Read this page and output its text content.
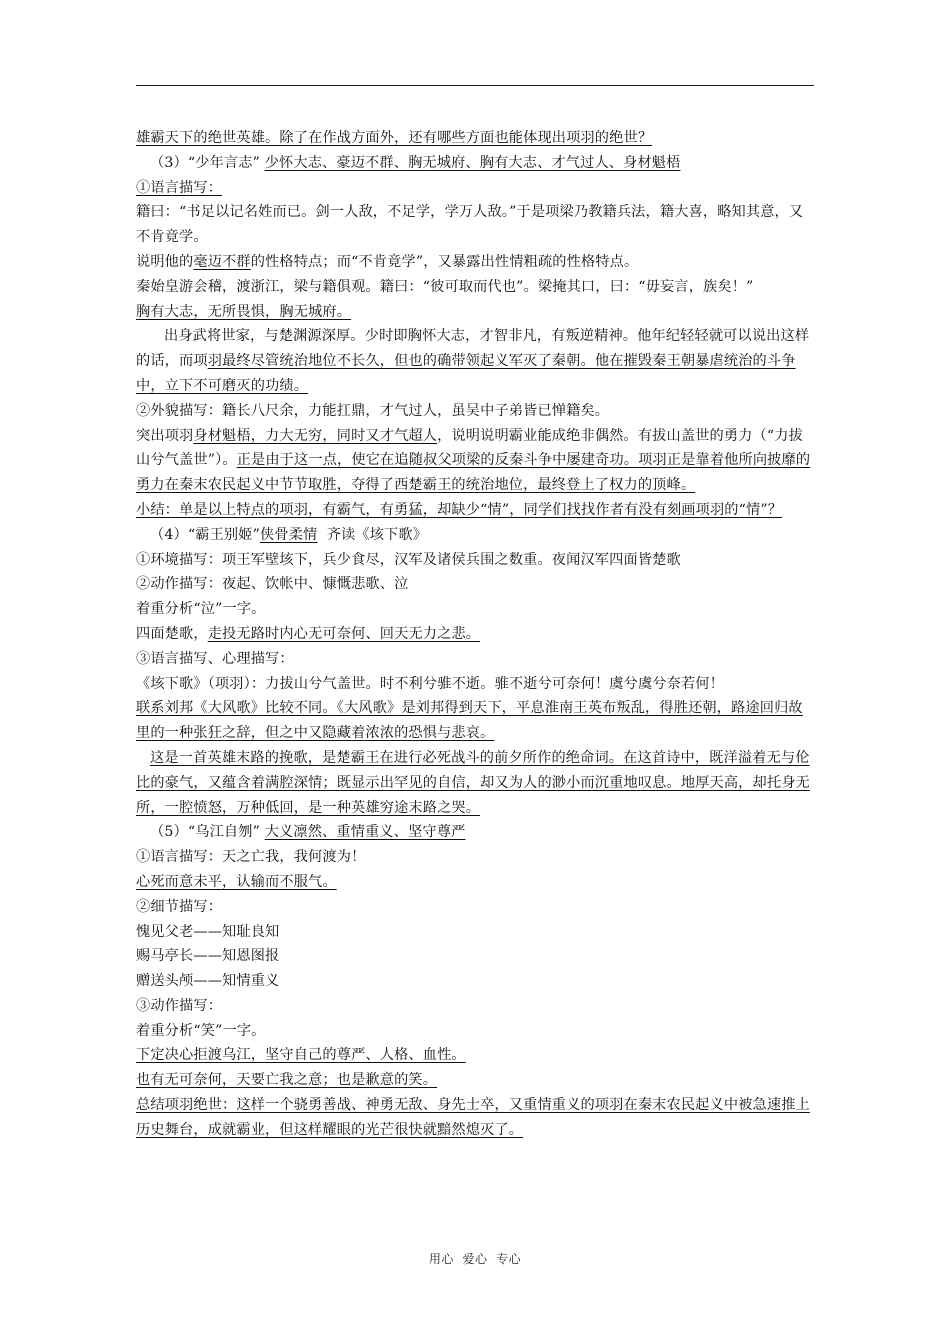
雄霸天下的绝世英雄。除了在作战方面外，还有哪些方面也能体现出项羽的绝世？

（3）“少年言志” 少怀大志、豪迈不群、胸无城府、胸有大志、才气过人、身材魁梧

①语言描写：

籍曰：“书足以记名姓而已。剑一人敌，不足学，学万人敌。”于是项梁乃教籍兵法，籍大喜，略知其意，又不肯竟学。

说明他的毫迈不群的性格特点；而“不肯竟学”，又暴露出性情粗疏的性格特点。

秦始皇游会稽，渡浙江，梁与籍俱观。籍曰：“彼可取而代也”。梁掩其口，曰：“毋妄言，族矣！”

胸有大志，无所畏惧，胸无城府。

出身武将世家，与楚渊源深厚。少时即胸怀大志，才智非凡，有叛逆精神。他年纪轻轻就可以说出这样的话，而项羽最终尽管统治地位不长久，但也的确带领起义军灭了秦朝。他在摧毁秦王朝暴虐统治的斗争中，立下不可磨灭的功绩。

②外貌描写：籍长八尺余，力能扛鼎，才气过人，虽吴中子弟皆已惮籍矣。

突出项羽身材魁梧，力大无穷，同时又才气超人，说明说明霸业能成绝非偶然。有拔山盖世的勇力（“力拔山兮气盖世”）。正是由于这一点，使它在追随叔父项梁的反秦斗争中屡建奇功。项羽正是靠着他所向披靡的勇力在秦末农民起义中节节取胜，夺得了西楚霸王的统治地位，最终登上了权力的顶峰。

小结：单是以上特点的项羽，有霸气，有勇猛，却缺少“情”，同学们找找作者有没有刻画项羽的“情”？

（4）“霸王别姬”侠骨柔情  齐读《垓下歌》

①环境描写：项王军壁垓下，兵少食尽，汉军及诸侯兵围之数重。夜闻汉军四面皆楚歌

②动作描写：夜起、饮帐中、慷慨悲歌、泣

着重分析“泣”一字。

四面楚歌，走投无路时内心无可奈何、回天无力之悲。

③语言描写、心理描写：

《垓下歌》（项羽）：力拔山兮气盖世。时不利兮骓不逝。骓不逝兮可奈何！虞兮虞兮奈若何！

联系刘邦《大风歌》比较不同。《大风歌》是刘邦得到天下，平息淮南王英布叛乱，得胜还朝，路途回归故里的一种张狂之辞，但之中又隐藏着浓浓的恐惧与悲哀。

这是一首英雄末路的挽歌，是楚霸王在进行必死战斗的前夕所作的绝命词。在这首诗中，既洋溢着无与伦比的豪气，又蕴含着满腔深情；既显示出罕见的自信，却又为人的渺小而沉重地叹息。地厚天高，却托身无所，一腔愤怒，万种低回，是一种英雄穷途末路之哭。

（5）“乌江自刎” 大义凛然、重情重义、坚守尊严

①语言描写：天之亡我，我何渡为！

心死而意未平，认输而不服气。

②细节描写：

愧见父老——知耻良知

赐马亭长——知恩图报

赠送头颅——知情重义

③动作描写：

着重分析“笑”一字。

下定决心拒渡乌江，坚守自己的尊严、人格、血性。

也有无可奈何，天要亡我之意；也是歉意的笑。

总结项羽绝世：这样一个骁勇善战、神勇无敌、身先士卒，又重情重义的项羽在秦末农民起义中被急速推上历史舞台，成就霸业，但这样耀眼的光芒很快就黯然熄灭了。

用心  爱心  专心
